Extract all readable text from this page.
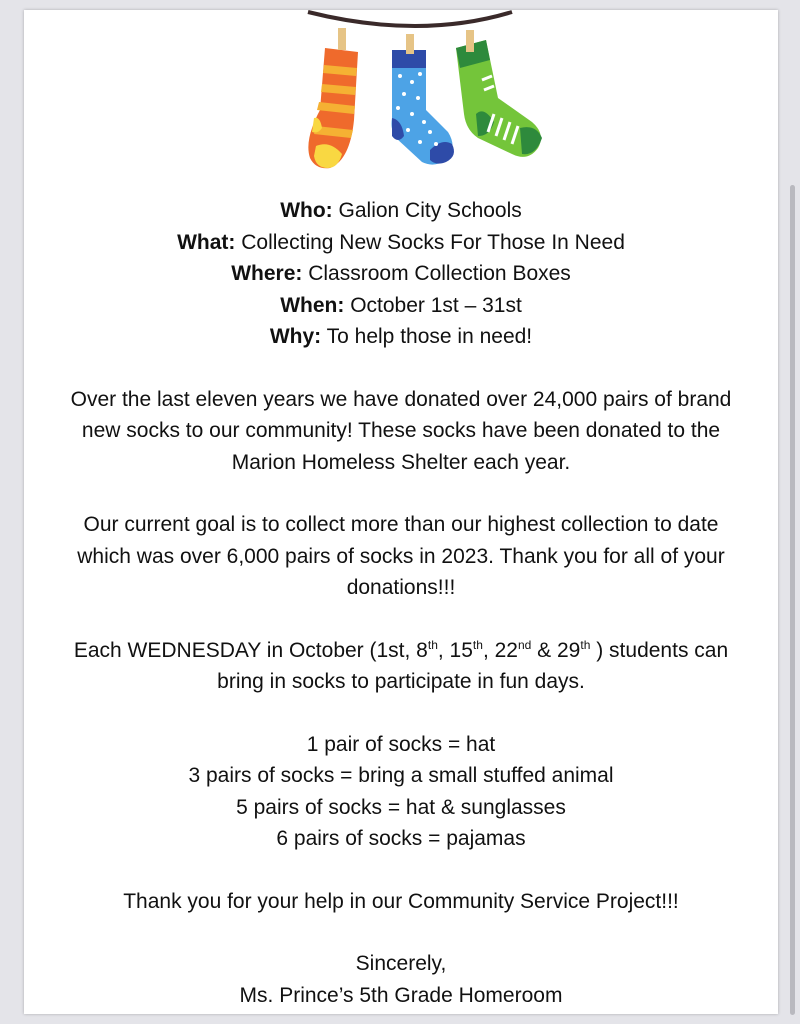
Who: Galion City Schools

What: Collecting New Socks For Those In Need

Where: Classroom Collection Boxes

When: October 1st – 31st

Why: To help those in need!

Over the last eleven years we have donated over 24,000 pairs of brand

new socks to our community! These socks have been donated to the

Marion Homeless Shelter each year.

Our current goal is to collect more than our highest collection to date

which was over 6,000 pairs of socks in 2023. Thank you for all of your

donations!!!

Each WEDNESDAY in October (1st, 8th, 15th, 22nd & 29th ) students can

bring in socks to participate in fun days.

1 pair of socks = hat

3 pairs of socks = bring a small stuffed animal

5 pairs of socks = hat & sunglasses

6 pairs of socks = pajamas

Thank you for your help in our Community Service Project!!!

Sincerely,

Ms. Prince’s 5th Grade Homeroom
